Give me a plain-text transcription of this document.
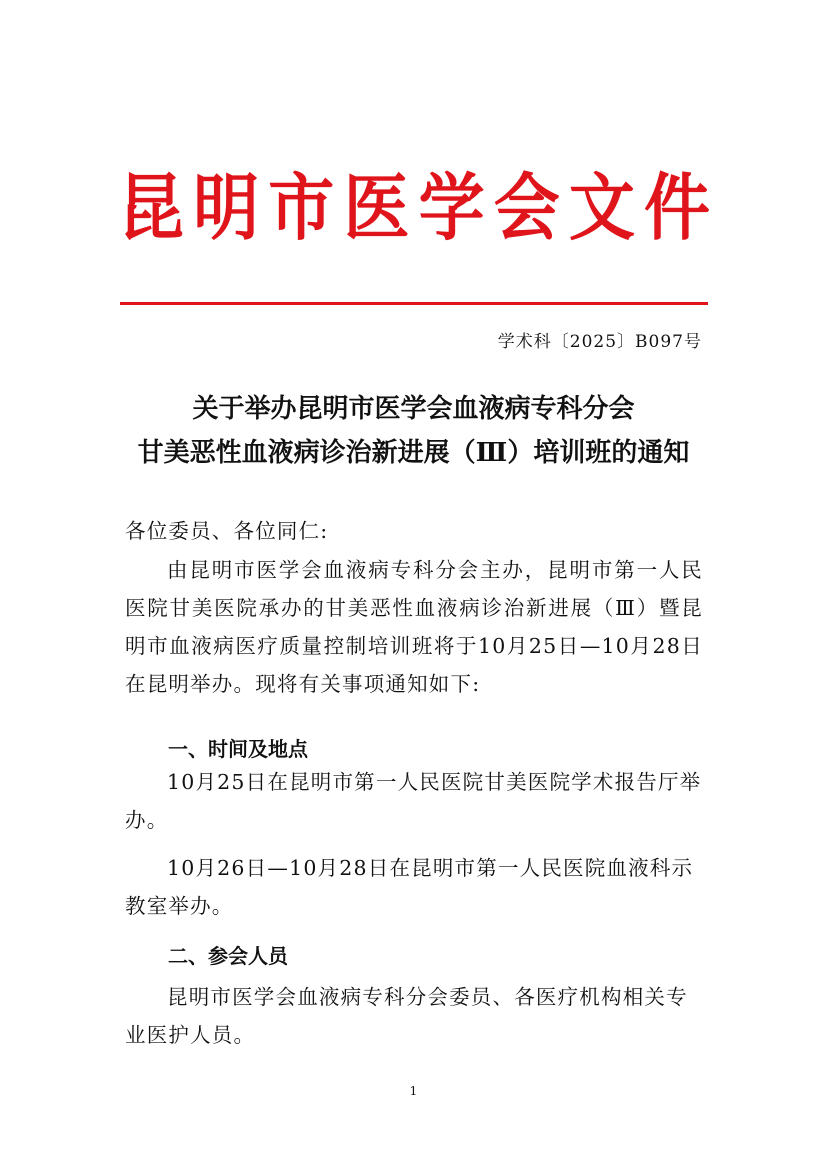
昆 明 市 医 学 会 文 件
学术科〔2025〕B097号
关于举办昆明市医学会血液病专科分会
甘美恶性血液病诊治新进展（Ⅲ）培训班的通知
各位委员、各位同仁:
由昆明市医学会血液病专科分会主办，昆明市第一人民医院甘美医院承办的甘美恶性血液病诊治新进展（Ⅲ）暨昆明市血液病医疗质量控制培训班将于10月25日—10月28日在昆明举办。现将有关事项通知如下:
一、时间及地点
10月25日在昆明市第一人民医院甘美医院学术报告厅举办。
10月26日—10月28日在昆明市第一人民医院血液科示教室举办。
二、参会人员
昆明市医学会血液病专科分会委员、各医疗机构相关专业医护人员。
1
